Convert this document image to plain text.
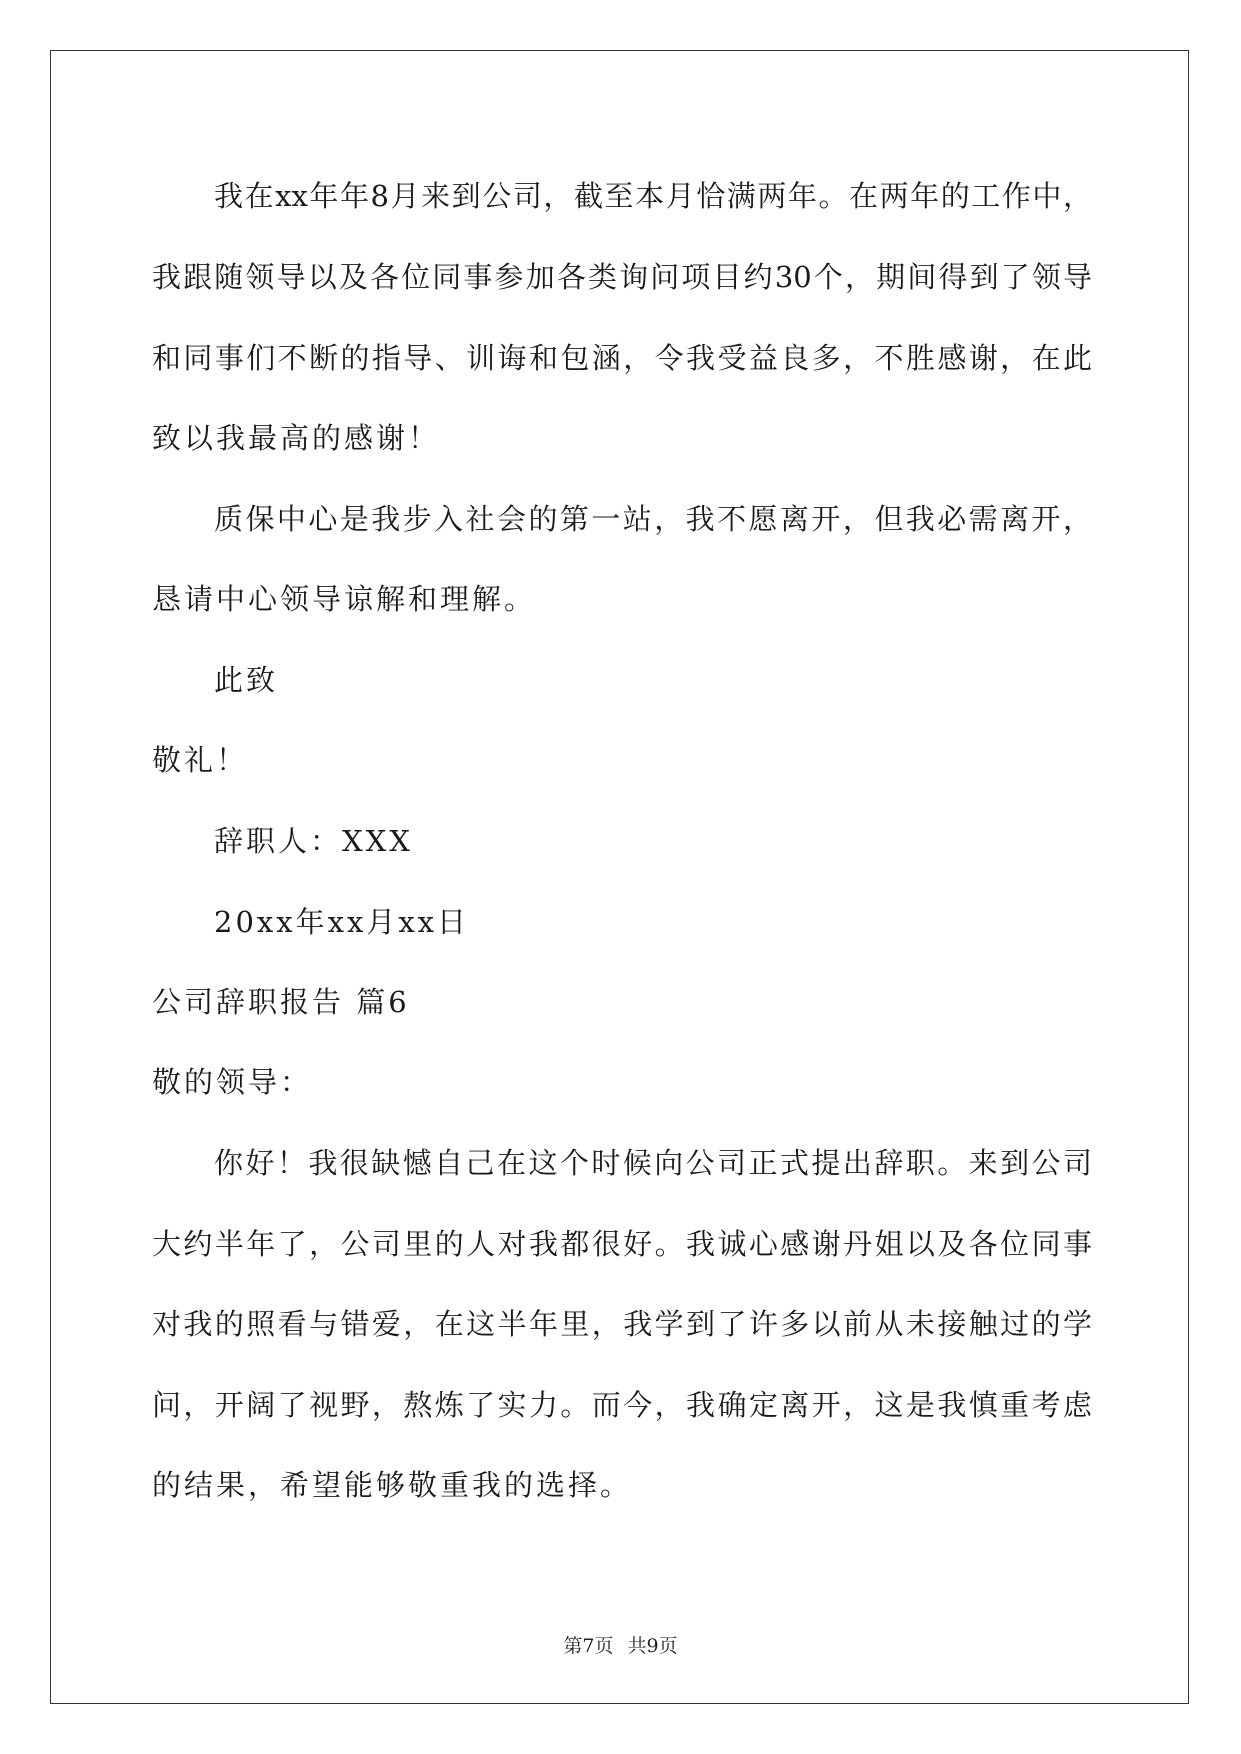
我在xx年年8月来到公司，截至本月恰满两年。在两年的工作中，
我跟随领导以及各位同事参加各类询问项目约30个，期间得到了领导
和同事们不断的指导、训诲和包涵，令我受益良多，不胜感谢，在此
致以我最高的感谢！
质保中心是我步入社会的第一站，我不愿离开，但我必需离开，
恳请中心领导谅解和理解。
此致
敬礼！
辞职人：XXX
20xx年xx月xx日
公司辞职报告 篇6
敬的领导：
你好！我很缺憾自己在这个时候向公司正式提出辞职。来到公司
大约半年了，公司里的人对我都很好。我诚心感谢丹姐以及各位同事
对我的照看与错爱，在这半年里，我学到了许多以前从未接触过的学
问，开阔了视野，熬炼了实力。而今，我确定离开，这是我慎重考虑
的结果，希望能够敬重我的选择。
第7页 共9页
